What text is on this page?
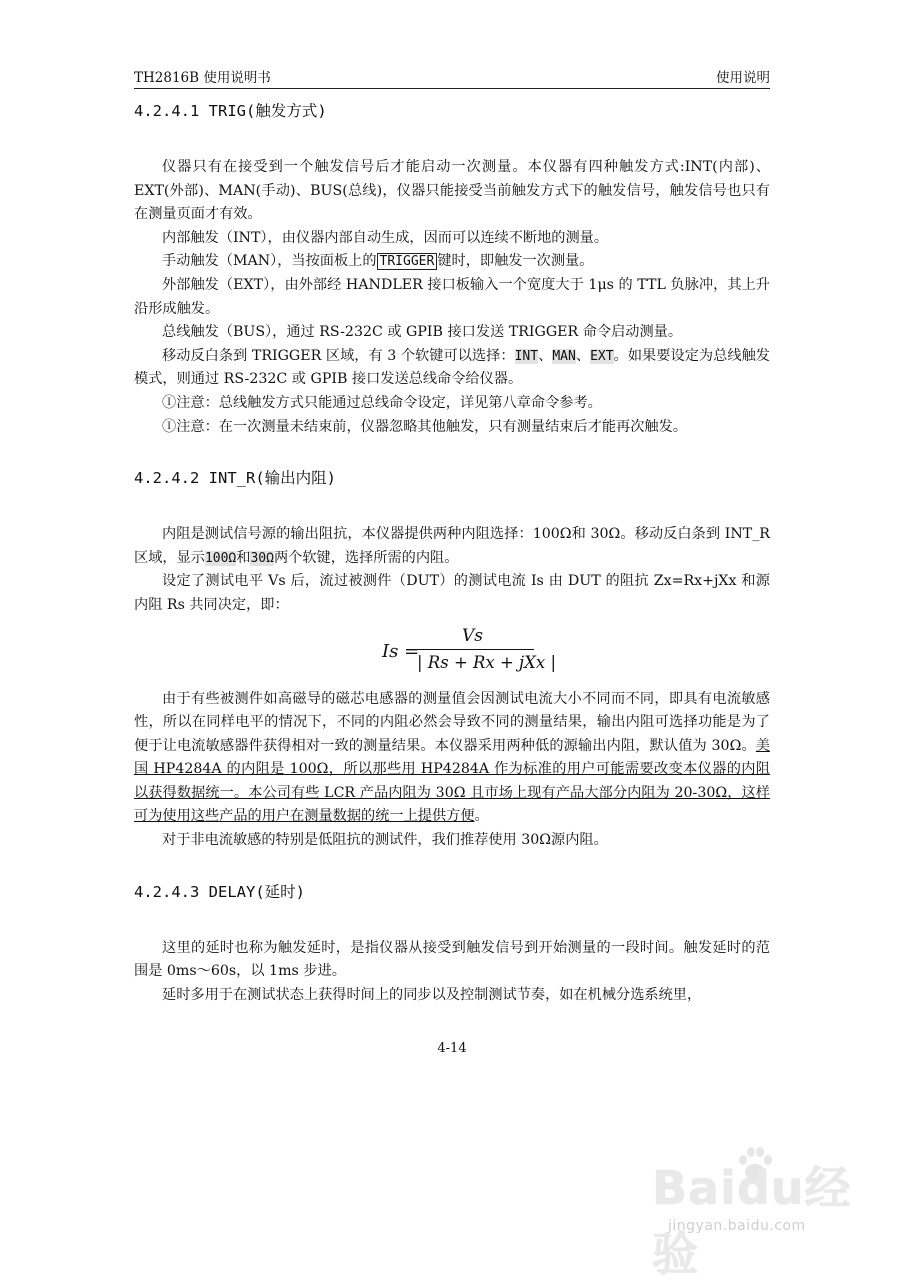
TH2816B 使用说明书	使用说明
4.2.4.1 TRIG(触发方式)

仪器只有在接受到一个触发信号后才能启动一次测量。本仪器有四种触发方式:INT(内部)、EXT(外部)、MAN(手动)、BUS(总线)，仪器只能接受当前触发方式下的触发信号，触发信号也只有在测量页面才有效。

内部触发（INT），由仪器内部自动生成，因而可以连续不断地的测量。

手动触发（MAN），当按面板上的 TRIGGER 键时，即触发一次测量。

外部触发（EXT），由外部经 HANDLER 接口板输入一个宽度大于 1μs 的 TTL 负脉冲，其上升沿形成触发。

总线触发（BUS），通过 RS-232C 或 GPIB 接口发送 TRIGGER 命令启动测量。

移动反白条到 TRIGGER 区域，有 3 个软键可以选择：INT、MAN、EXT。如果要设定为总线触发模式，则通过 RS-232C 或 GPIB 接口发送总线命令给仪器。

Ⓘ注意：总线触发方式只能通过总线命令设定，详见第八章命令参考。

Ⓘ注意：在一次测量未结束前，仪器忽略其他触发，只有测量结束后才能再次触发。

4.2.4.2 INT_R(输出内阻)

内阻是测试信号源的输出阻抗，本仪器提供两种内阻选择：100Ω和 30Ω。移动反白条到 INT_R 区域，显示100Ω和30Ω两个软键，选择所需的内阻。

设定了测试电平 Vs 后，流过被测件（DUT）的测试电流 Is 由 DUT 的阻抗 Zx=Rx+jXx 和源内阻 Rs 共同决定，即：

Is =
Vs
| Rs + Rx + jXx |

由于有些被测件如高磁导的磁芯电感器的测量值会因测试电流大小不同而不同，即具有电流敏感性，所以在同样电平的情况下，不同的内阻必然会导致不同的测量结果，输出内阻可选择功能是为了便于让电流敏感器件获得相对一致的测量结果。本仪器采用两种低的源输出内阻，默认值为 30Ω。美国 HP4284A 的内阻是 100Ω，所以那些用 HP4284A 作为标准的用户可能需要改变本仪器的内阻以获得数据统一。本公司有些 LCR 产品内阻为 30Ω 且市场上现有产品大部分内阻为 20-30Ω，这样可为使用这些产品的用户在测量数据的统一上提供方便。

对于非电流敏感的特别是低阻抗的测试件，我们推荐使用 30Ω源内阻。

4.2.4.3 DELAY(延时)

这里的延时也称为触发延时，是指仪器从接受到触发信号到开始测量的一段时间。触发延时的范围是 0ms～60s，以 1ms 步进。

延时多用于在测试状态上获得时间上的同步以及控制测试节奏，如在机械分选系统里，

4-14
Baidu经验
jingyan.baidu.com
